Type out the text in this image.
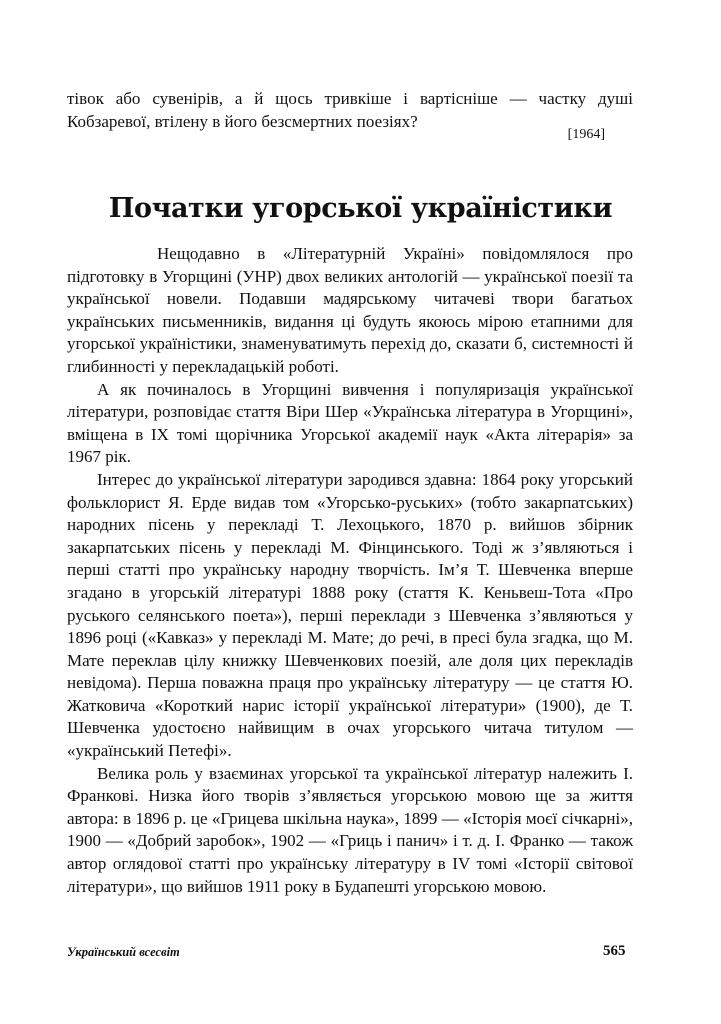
тівок або сувенірів, а й щось тривкіше і вартісніше — частку душі Кобзаревої, втілену в його безсмертних поезіях?

[1964]
Початки угорської україністики

Нещодавно в «Літературній Україні» повідомлялося про підготовку в Угорщині (УНР) двох великих антологій — української поезії та української новели. Подавши мадярському читачеві твори багатьох українських письменників, видання ці будуть якоюсь мірою етапними для угорської україністики, знаменуватимуть перехід до, сказати б, системності й глибинності у перекладацькій роботі.

А як починалось в Угорщині вивчення і популяризація української літератури, розповідає стаття Віри Шер «Українська література в Угорщині», вміщена в IX томі щорічника Угорської академії наук «Акта літерарія» за 1967 рік.

Інтерес до української літератури зародився здавна: 1864 року угорський фольклорист Я. Ерде видав том «Угорсько-руських» (тобто закарпатських) народних пісень у перекладі Т. Лехоцького, 1870 р. вийшов збірник закарпатських пісень у перекладі М. Фінцинського. Тоді ж з’являються і перші статті про українську народну творчість. Ім’я Т. Шевченка вперше згадано в угорській літературі 1888 року (стаття К. Кеньвеш-Тота «Про руського селянського поета»), перші переклади з Шевченка з’являються у 1896 році («Кавказ» у перекладі М. Мате; до речі, в пресі була згадка, що М. Мате переклав цілу книжку Шевченкових поезій, але доля цих перекладів невідома). Перша поважна праця про українську літературу — це стаття Ю. Жатковича «Короткий нарис історії української літератури» (1900), де Т. Шевченка удостоєно найвищим в очах угорського читача титулом — «український Петефі».

Велика роль у взаєминах угорської та української літератур належить І. Франкові. Низка його творів з’являється угорською мовою ще за життя автора: в 1896 р. це «Грицева шкільна наука», 1899 — «Історія моєї січкарні», 1900 — «Добрий заробок», 1902 — «Гриць і панич» і т. д. І. Франко — також автор оглядової статті про українську літературу в IV томі «Історії світової літератури», що вийшов 1911 року в Будапешті угорською мовою.

Український всесвіт	565
